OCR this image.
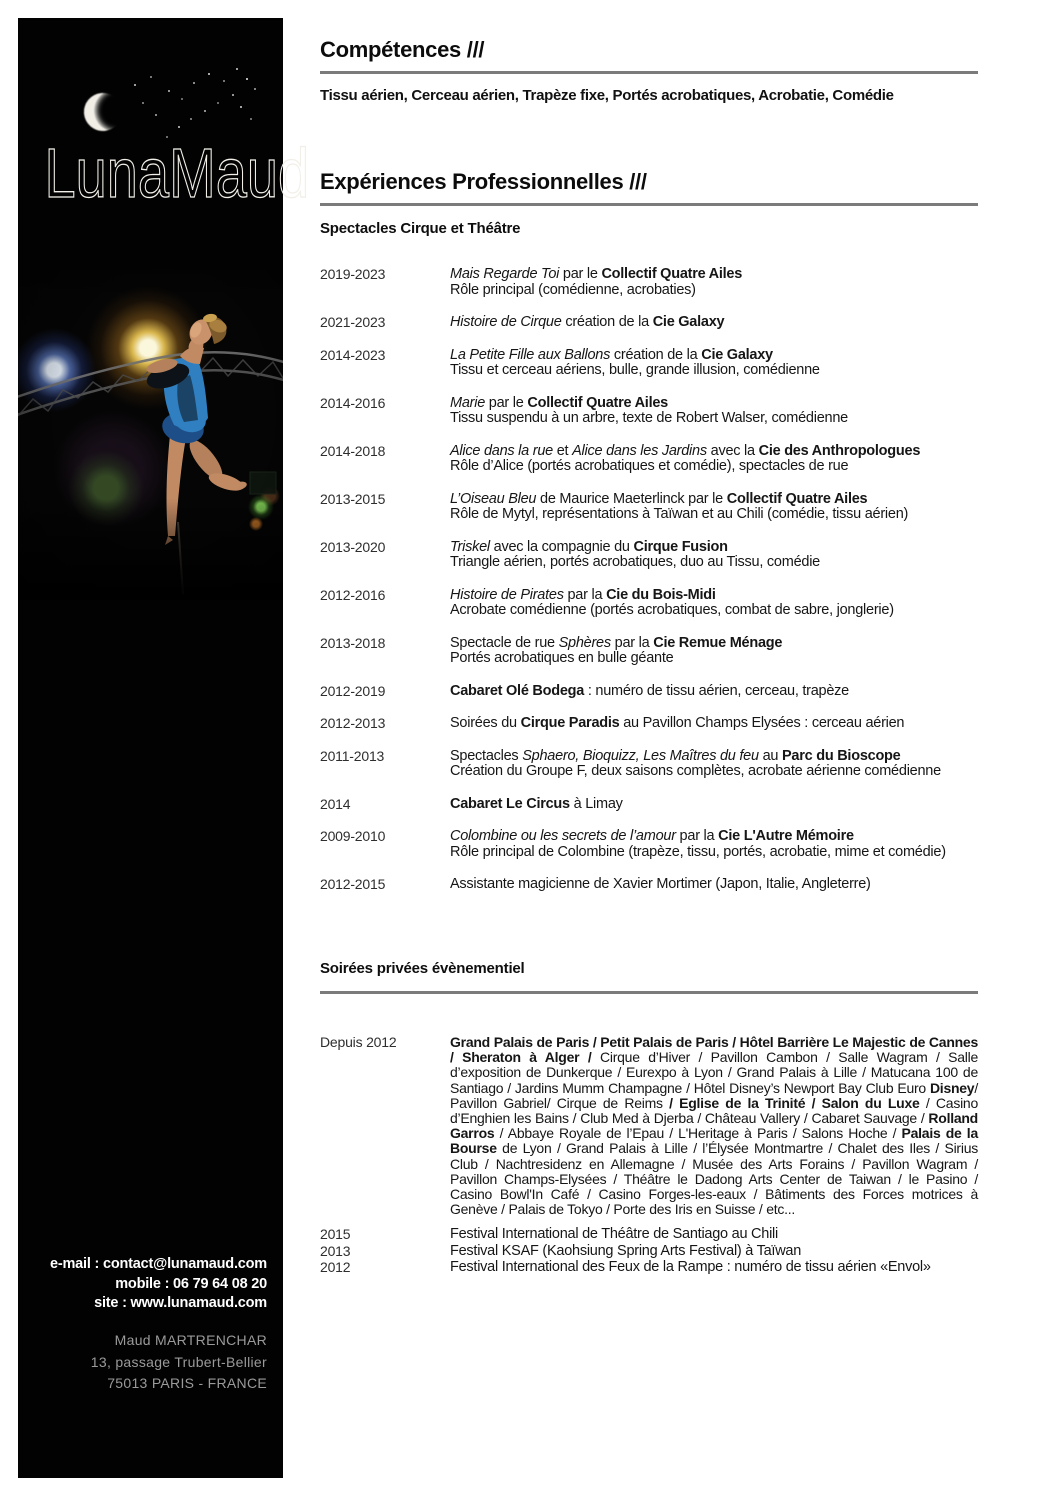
LunaMaud
e-mail : contact@lunamaud.com
mobile : 06 79 64 08 20
site : www.lunamaud.com
Maud MARTRENCHAR
13, passage Trubert-Bellier
75013 PARIS - FRANCE
Compétences ///

Tissu aérien, Cerceau aérien, Trapèze fixe, Portés acrobatiques, Acrobatie, Comédie

Expériences Professionnelles ///
Spectacles Cirque et Théâtre
2019-2023	Mais Regarde Toi par le Collectif Quatre Ailes
Rôle principal (comédienne, acrobaties)
2021-2023	Histoire de Cirque création de la Cie Galaxy
2014-2023	La Petite Fille aux Ballons création de la Cie Galaxy
Tissu et cerceau aériens, bulle, grande illusion, comédienne
2014-2016	Marie par le Collectif Quatre Ailes
Tissu suspendu à un arbre, texte de Robert Walser, comédienne
2014-2018	Alice dans la rue et Alice dans les Jardins avec la Cie des Anthropologues
Rôle d’Alice (portés acrobatiques et comédie), spectacles de rue
2013-2015	L’Oiseau Bleu de Maurice Maeterlinck par le Collectif Quatre Ailes
Rôle de Mytyl, représentations à Taïwan et au Chili (comédie, tissu aérien)
2013-2020	Triskel avec la compagnie du Cirque Fusion
Triangle aérien, portés acrobatiques, duo au Tissu, comédie
2012-2016	Histoire de Pirates par la Cie du Bois-Midi
Acrobate comédienne (portés acrobatiques, combat de sabre, jonglerie)
2013-2018	Spectacle de rue Sphères par la Cie Remue Ménage
Portés acrobatiques en bulle géante
2012-2019	Cabaret Olé Bodega : numéro de tissu aérien, cerceau, trapèze
2012-2013	Soirées du Cirque Paradis au Pavillon Champs Elysées : cerceau aérien
2011-2013	Spectacles Sphaero, Bioquizz, Les Maîtres du feu au Parc du Bioscope
Création du Groupe F, deux saisons complètes, acrobate aérienne comédienne
2014	Cabaret Le Circus à Limay
2009-2010	Colombine ou les secrets de l’amour par la Cie L'Autre Mémoire
Rôle principal de Colombine (trapèze, tissu, portés, acrobatie, mime et comédie)
2012-2015	Assistante magicienne de Xavier Mortimer (Japon, Italie, Angleterre)
Soirées privées évènementiel
Depuis 2012	Grand Palais de Paris / Petit Palais de Paris / Hôtel Barrière Le Majestic de Cannes / Sheraton à Alger / Cirque d’Hiver / Pavillon Cambon / Salle Wagram / Salle d’exposition de Dunkerque / Eurexpo à Lyon / Grand Palais à Lille / Matucana 100 de Santiago / Jardins Mumm Champagne / Hôtel Disney’s Newport Bay Club Euro Disney/ Pavillon Gabriel/ Cirque de Reims / Eglise de la Trinité / Salon du Luxe / Casino d’Enghien les Bains / Club Med à Djerba / Château Vallery / Cabaret Sauvage / Rolland Garros / Abbaye Royale de l’Epau / L'Heritage à Paris / Salons Hoche / Palais de la Bourse de Lyon / Grand Palais à Lille / l’Élysée Montmartre / Chalet des Iles / Sirius Club / Nachtresidenz en Allemagne / Musée des Arts Forains / Pavillon Wagram / Pavillon Champs-Elysées / Théâtre le Dadong Arts Center de Taiwan / le Pasino / Casino Bowl'In Café / Casino Forges-les-eaux / Bâtiments des Forces motrices à Genève / Palais de Tokyo / Porte des Iris en Suisse / etc...
2015	Festival International de Théâtre de Santiago au Chili
2013	Festival KSAF (Kaohsiung Spring Arts Festival) à Taïwan
2012	Festival International des Feux de la Rampe : numéro de tissu aérien «Envol»
